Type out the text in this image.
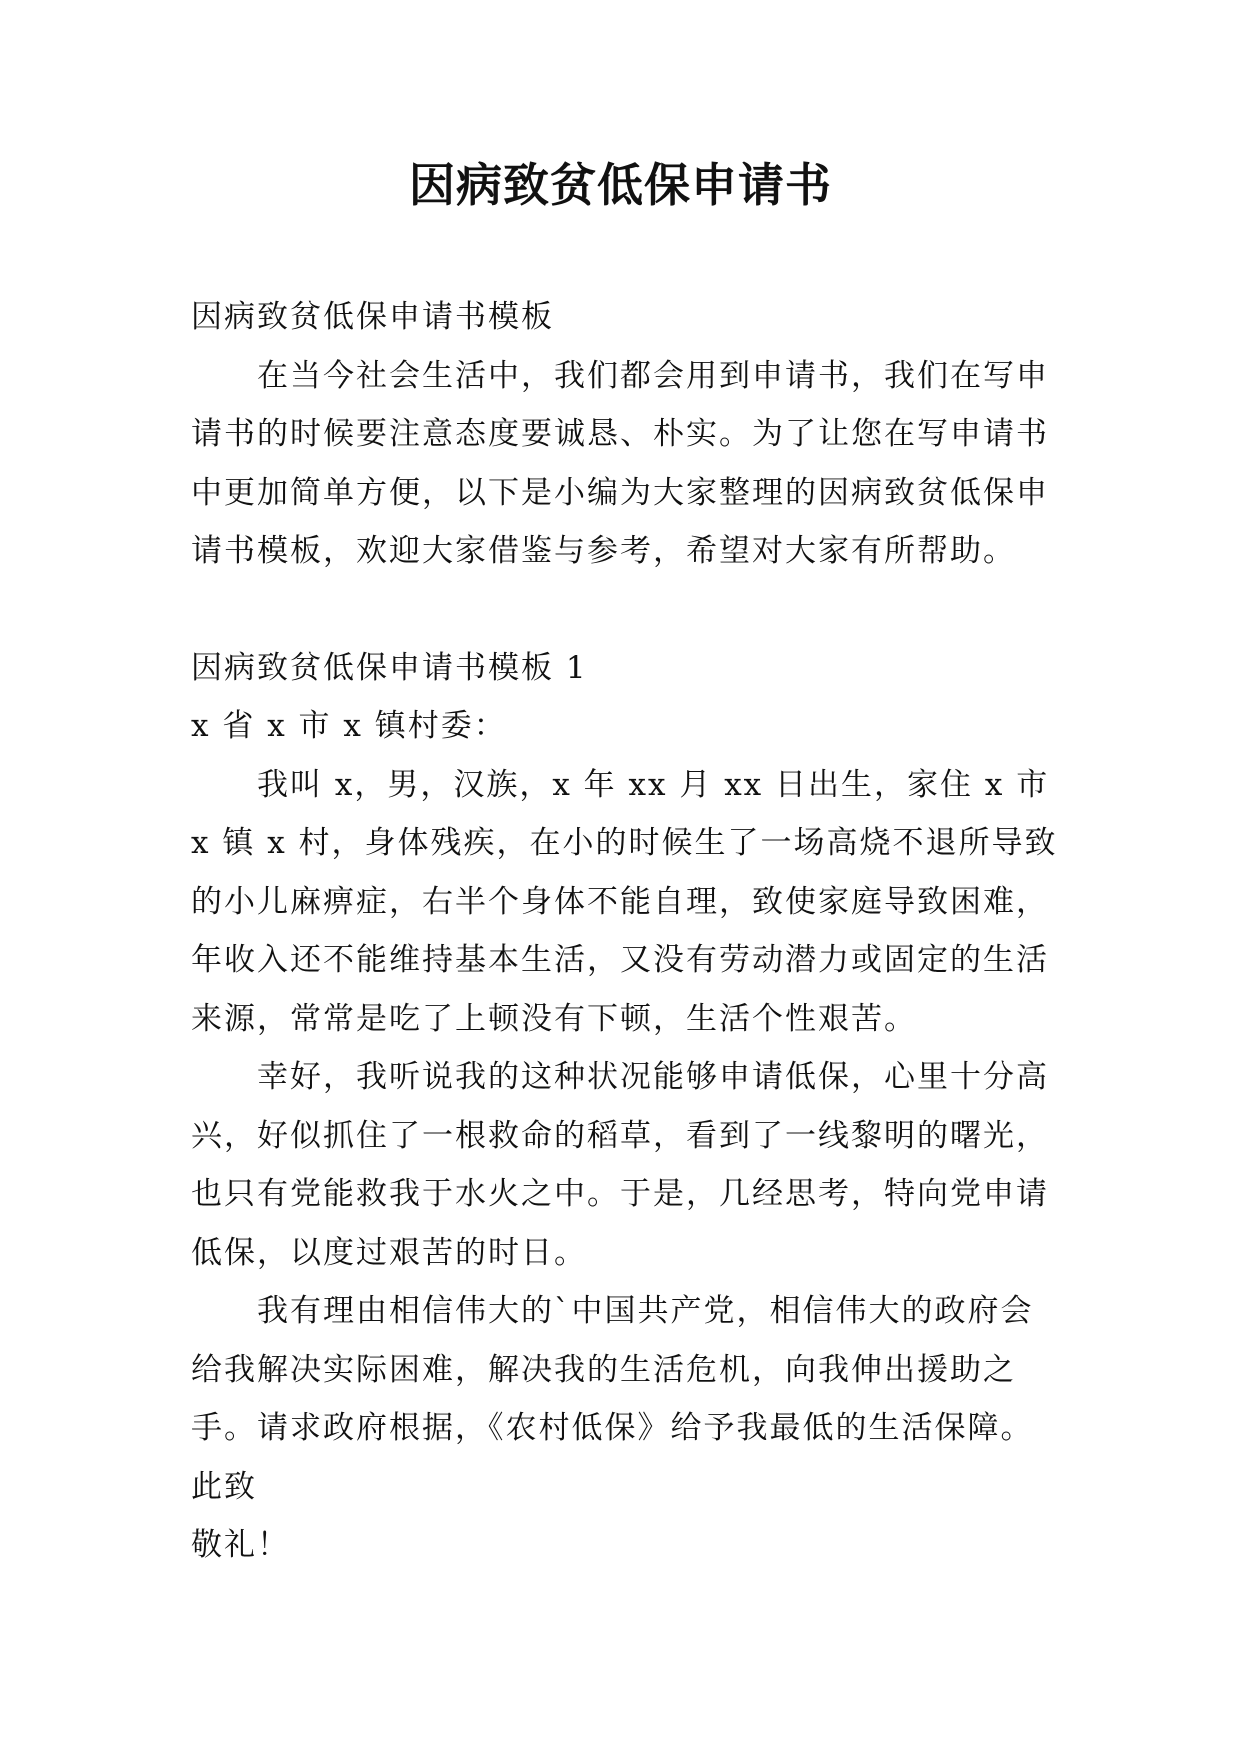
因病致贫低保申请书

因病致贫低保申请书模板

在当今社会生活中，我们都会用到申请书，我们在写申请书的时候要注意态度要诚恳、朴实。为了让您在写申请书中更加简单方便，以下是小编为大家整理的因病致贫低保申请书模板，欢迎大家借鉴与参考，希望对大家有所帮助。

因病致贫低保申请书模板 1

x 省 x 市 x 镇村委：

我叫 x，男，汉族，x 年 xx 月 xx 日出生，家住 x 市 x 镇 x 村，身体残疾，在小的时候生了一场高烧不退所导致的小儿麻痹症，右半个身体不能自理，致使家庭导致困难，年收入还不能维持基本生活，又没有劳动潜力或固定的生活来源，常常是吃了上顿没有下顿，生活个性艰苦。

幸好，我听说我的这种状况能够申请低保，心里十分高兴，好似抓住了一根救命的稻草，看到了一线黎明的曙光，也只有党能救我于水火之中。于是，几经思考，特向党申请低保，以度过艰苦的时日。

我有理由相信伟大的`中国共产党，相信伟大的政府会给我解决实际困难，解决我的生活危机，向我伸出援助之手。请求政府根据，《农村低保》给予我最低的生活保障。

此致

敬礼！
